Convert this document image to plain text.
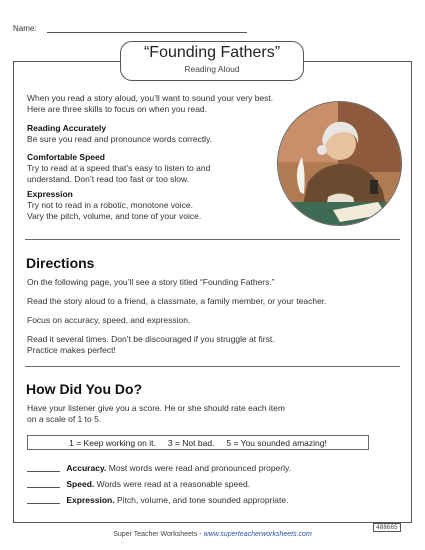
Name:
“Founding Fathers”
Reading Aloud
When you read a story aloud, you’ll want to sound your very best.
Here are three skills to focus on when you read.
Reading Accurately
Be sure you read and pronounce words correctly.
Comfortable Speed
Try to read at a speed that’s easy to listen to and
understand. Don’t read too fast or too slow.
Expression
Try not to read in a robotic, monotone voice.
Vary the pitch, volume, and tone of your voice.
Directions
On the following page, you’ll see a story titled “Founding Fathers.”
Read the story aloud to a friend, a classmate, a family member, or your teacher.
Focus on accuracy, speed, and expression.
Read it several times. Don’t be discouraged if you struggle at first.
Practice makes perfect!
How Did You Do?
Have your listener give you a score. He or she should rate each item
on a scale of 1 to 5.
1 = Keep working on it. 3 = Not bad. 5 = You sounded amazing!
Accuracy. Most words were read and pronounced properly.
Speed. Words were read at a reasonable speed.
Expression. Pitch, volume, and tone sounded appropriate.
488665
Super Teacher Worksheets - www.superteacherworksheets.com
